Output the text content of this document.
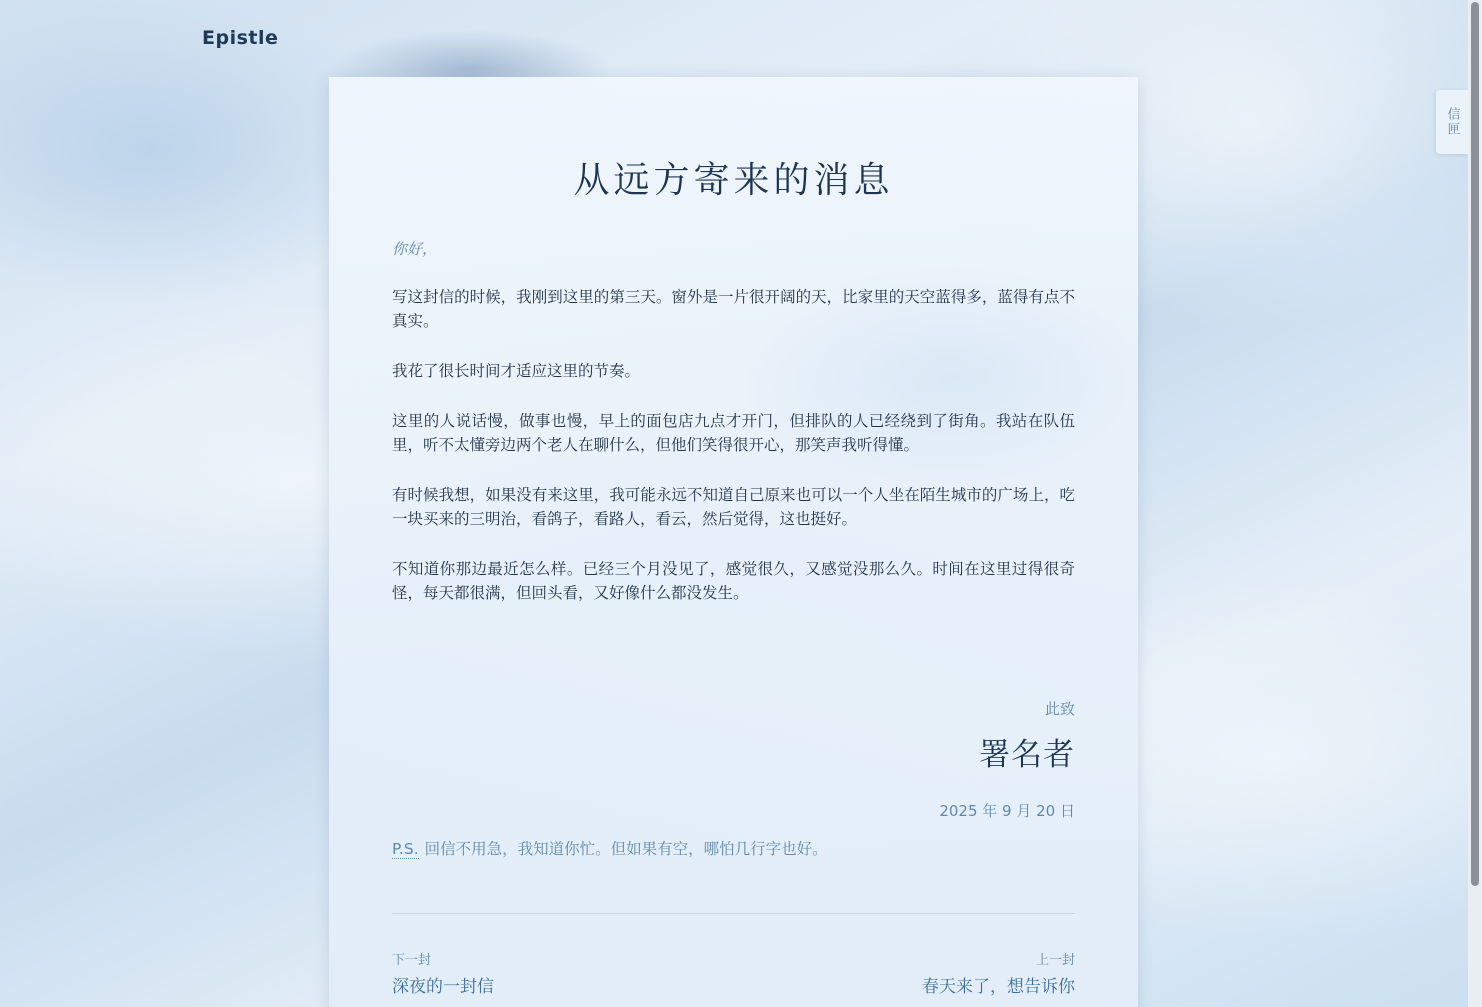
Epistle
信匣
从远方寄来的消息

你好，

写这封信的时候，我刚到这里的第三天。窗外是一片很开阔的天，比家里的天空蓝得多，蓝得有点不真实。

我花了很长时间才适应这里的节奏。

这里的人说话慢，做事也慢，早上的面包店九点才开门，但排队的人已经绕到了街角。我站在队伍里，听不太懂旁边两个老人在聊什么，但他们笑得很开心，那笑声我听得懂。

有时候我想，如果没有来这里，我可能永远不知道自己原来也可以一个人坐在陌生城市的广场上，吃一块买来的三明治，看鸽子，看路人，看云，然后觉得，这也挺好。

不知道你那边最近怎么样。已经三个月没见了，感觉很久，又感觉没那么久。时间在这里过得很奇怪，每天都很满，但回头看，又好像什么都没发生。

此致

署名者

2025 年 9 月 20 日

P.S. 回信不用急，我知道你忙。但如果有空，哪怕几行字也好。

下一封
深夜的一封信
上一封
春天来了，想告诉你
